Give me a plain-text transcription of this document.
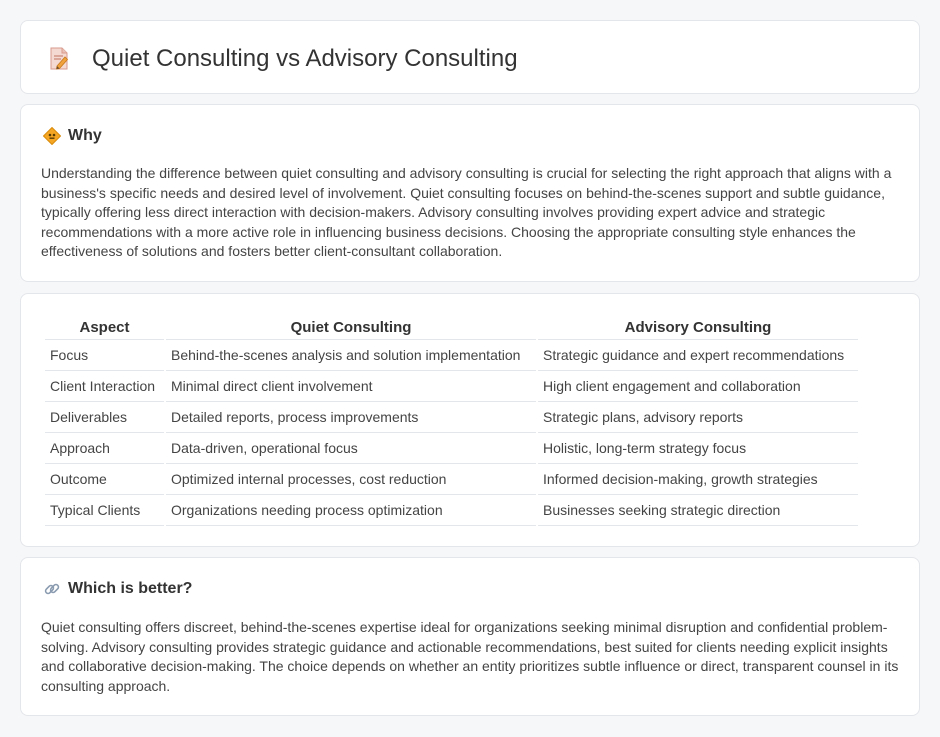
Quiet Consulting vs Advisory Consulting
Why

Understanding the difference between quiet consulting and advisory consulting is crucial for selecting the right approach that aligns with a business's specific needs and desired level of involvement. Quiet consulting focuses on behind-the-scenes support and subtle guidance, typically offering less direct interaction with decision-makers. Advisory consulting involves providing expert advice and strategic recommendations with a more active role in influencing business decisions. Choosing the appropriate consulting style enhances the effectiveness of solutions and fosters better client-consultant collaboration.

Aspect	Quiet Consulting	Advisory Consulting
Focus	Behind-the-scenes analysis and solution implementation	Strategic guidance and expert recommendations
Client Interaction	Minimal direct client involvement	High client engagement and collaboration
Deliverables	Detailed reports, process improvements	Strategic plans, advisory reports
Approach	Data-driven, operational focus	Holistic, long-term strategy focus
Outcome	Optimized internal processes, cost reduction	Informed decision-making, growth strategies
Typical Clients	Organizations needing process optimization	Businesses seeking strategic direction
Which is better?

Quiet consulting offers discreet, behind-the-scenes expertise ideal for organizations seeking minimal disruption and confidential problem-solving. Advisory consulting provides strategic guidance and actionable recommendations, best suited for clients needing explicit insights and collaborative decision-making. The choice depends on whether an entity prioritizes subtle influence or direct, transparent counsel in its consulting approach.
